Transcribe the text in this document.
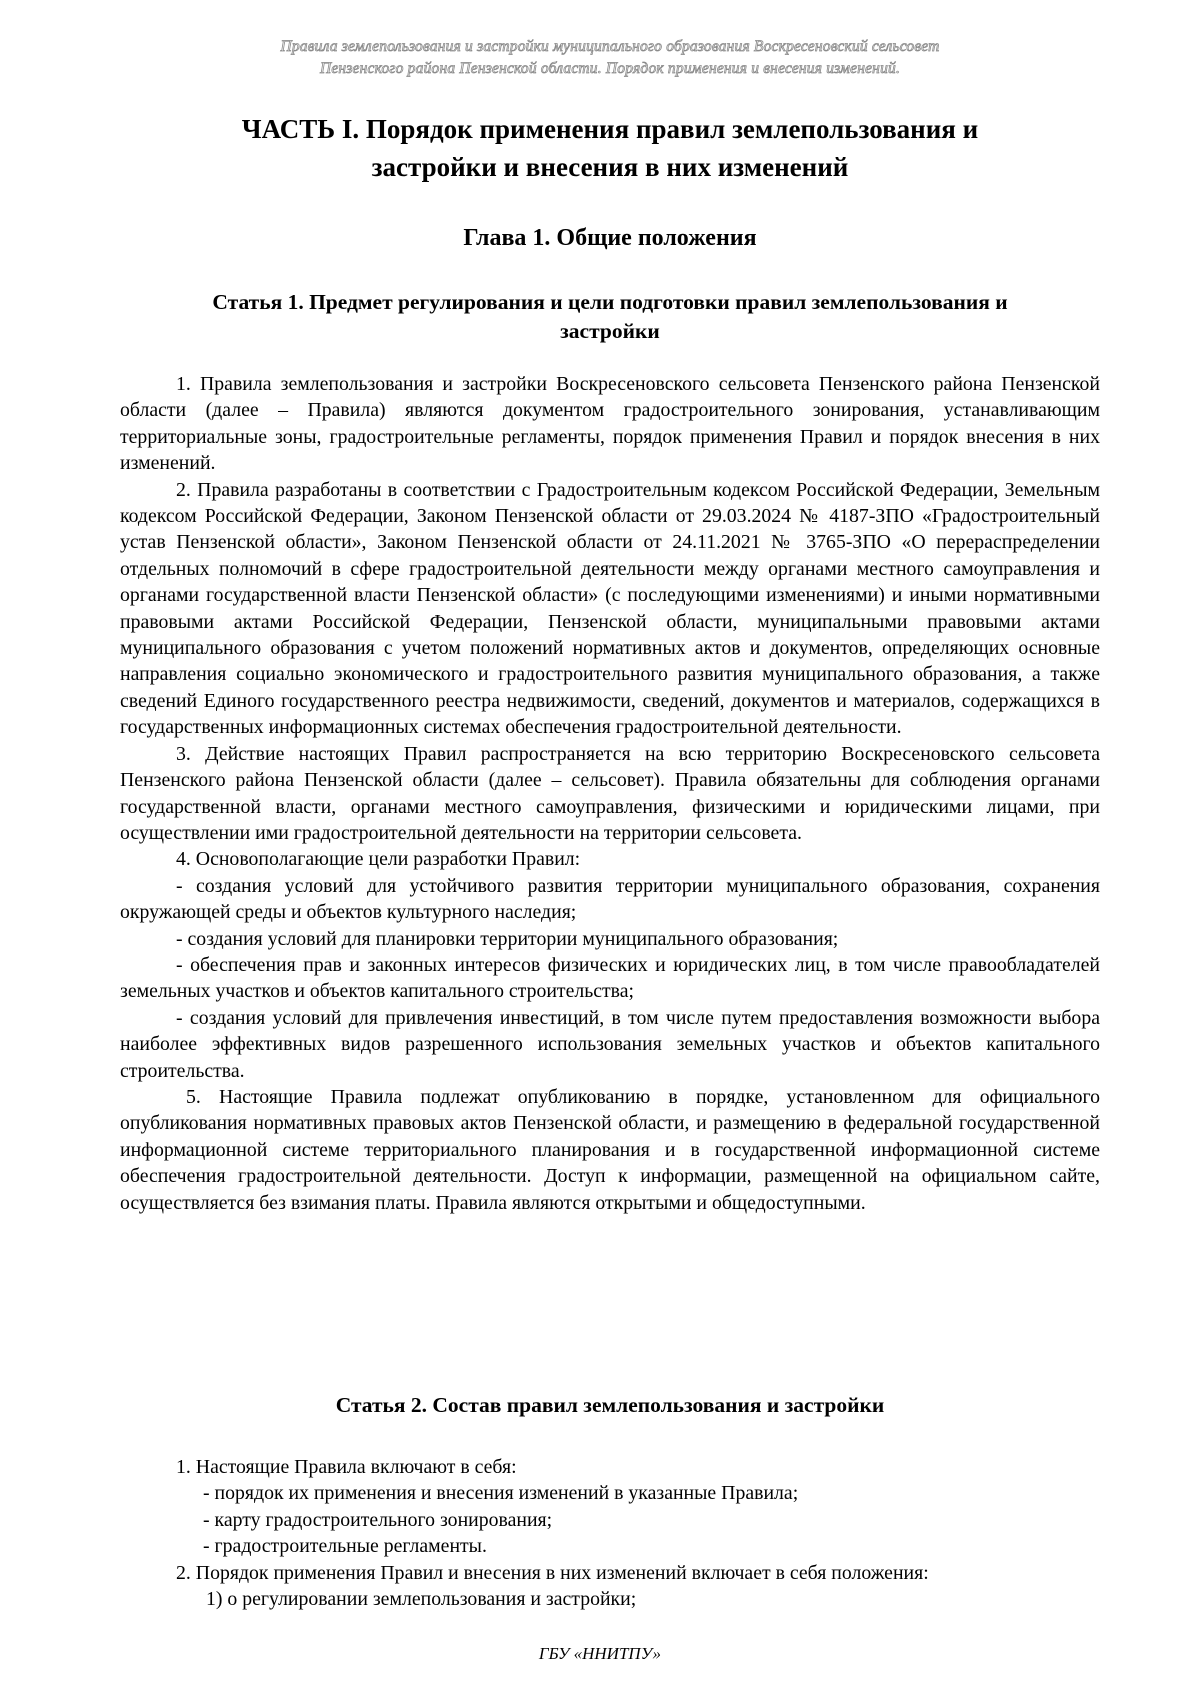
Правила землепользования и застройки муниципального образования Воскресеновский сельсовет
Пензенского района Пензенской области. Порядок применения и внесения изменений.
ЧАСТЬ I. Порядок применения правил землепользования и
застройки и внесения в них изменений
Глава 1. Общие положения
Статья 1. Предмет регулирования и цели подготовки правил землепользования и
застройки

1. Правила землепользования и застройки Воскресеновского сельсовета Пензенского района Пензенской области (далее – Правила) являются документом градостроительного зонирования, устанавливающим территориальные зоны, градостроительные регламенты, порядок применения Правил и порядок внесения в них изменений.

2. Правила разработаны в соответствии с Градостроительным кодексом Российской Федерации, Земельным кодексом Российской Федерации, Законом Пензенской области от 29.03.2024 № 4187-ЗПО «Градостроительный устав Пензенской области», Законом Пензенской области от 24.11.2021 № 3765-ЗПО «О перераспределении отдельных полномочий в сфере градостроительной деятельности между органами местного самоуправления и органами государственной власти Пензенской области» (с последующими изменениями) и иными нормативными правовыми актами Российской Федерации, Пензенской области, муниципальными правовыми актами муниципального образования с учетом положений нормативных актов и документов, определяющих основные направления социально экономического и градостроительного развития муниципального образования, а также сведений Единого государственного реестра недвижимости, сведений, документов и материалов, содержащихся в государственных информационных системах обеспечения градостроительной деятельности.

3. Действие настоящих Правил распространяется на всю территорию Воскресеновского сельсовета Пензенского района Пензенской области (далее – сельсовет). Правила обязательны для соблюдения органами государственной власти, органами местного самоуправления, физическими и юридическими лицами, при осуществлении ими градостроительной деятельности на территории сельсовета.

4. Основополагающие цели разработки Правил:

- создания условий для устойчивого развития территории муниципального образования, сохранения окружающей среды и объектов культурного наследия;

- создания условий для планировки территории муниципального образования;

- обеспечения прав и законных интересов физических и юридических лиц, в том числе правообладателей земельных участков и объектов капитального строительства;

- создания условий для привлечения инвестиций, в том числе путем предоставления возможности выбора наиболее эффективных видов разрешенного использования земельных участков и объектов капитального строительства.

5. Настоящие Правила подлежат опубликованию в порядке, установленном для официального опубликования нормативных правовых актов Пензенской области, и размещению в федеральной государственной информационной системе территориального планирования и в государственной информационной системе обеспечения градостроительной деятельности. Доступ к информации, размещенной на официальном сайте, осуществляется без взимания платы. Правила являются открытыми и общедоступными.

Статья 2. Состав правил землепользования и застройки

1. Настоящие Правила включают в себя:

- порядок их применения и внесения изменений в указанные Правила;

- карту градостроительного зонирования;

- градостроительные регламенты.

2. Порядок применения Правил и внесения в них изменений включает в себя положения:

1) о регулировании землепользования и застройки;

ГБУ «ННИТПУ»
